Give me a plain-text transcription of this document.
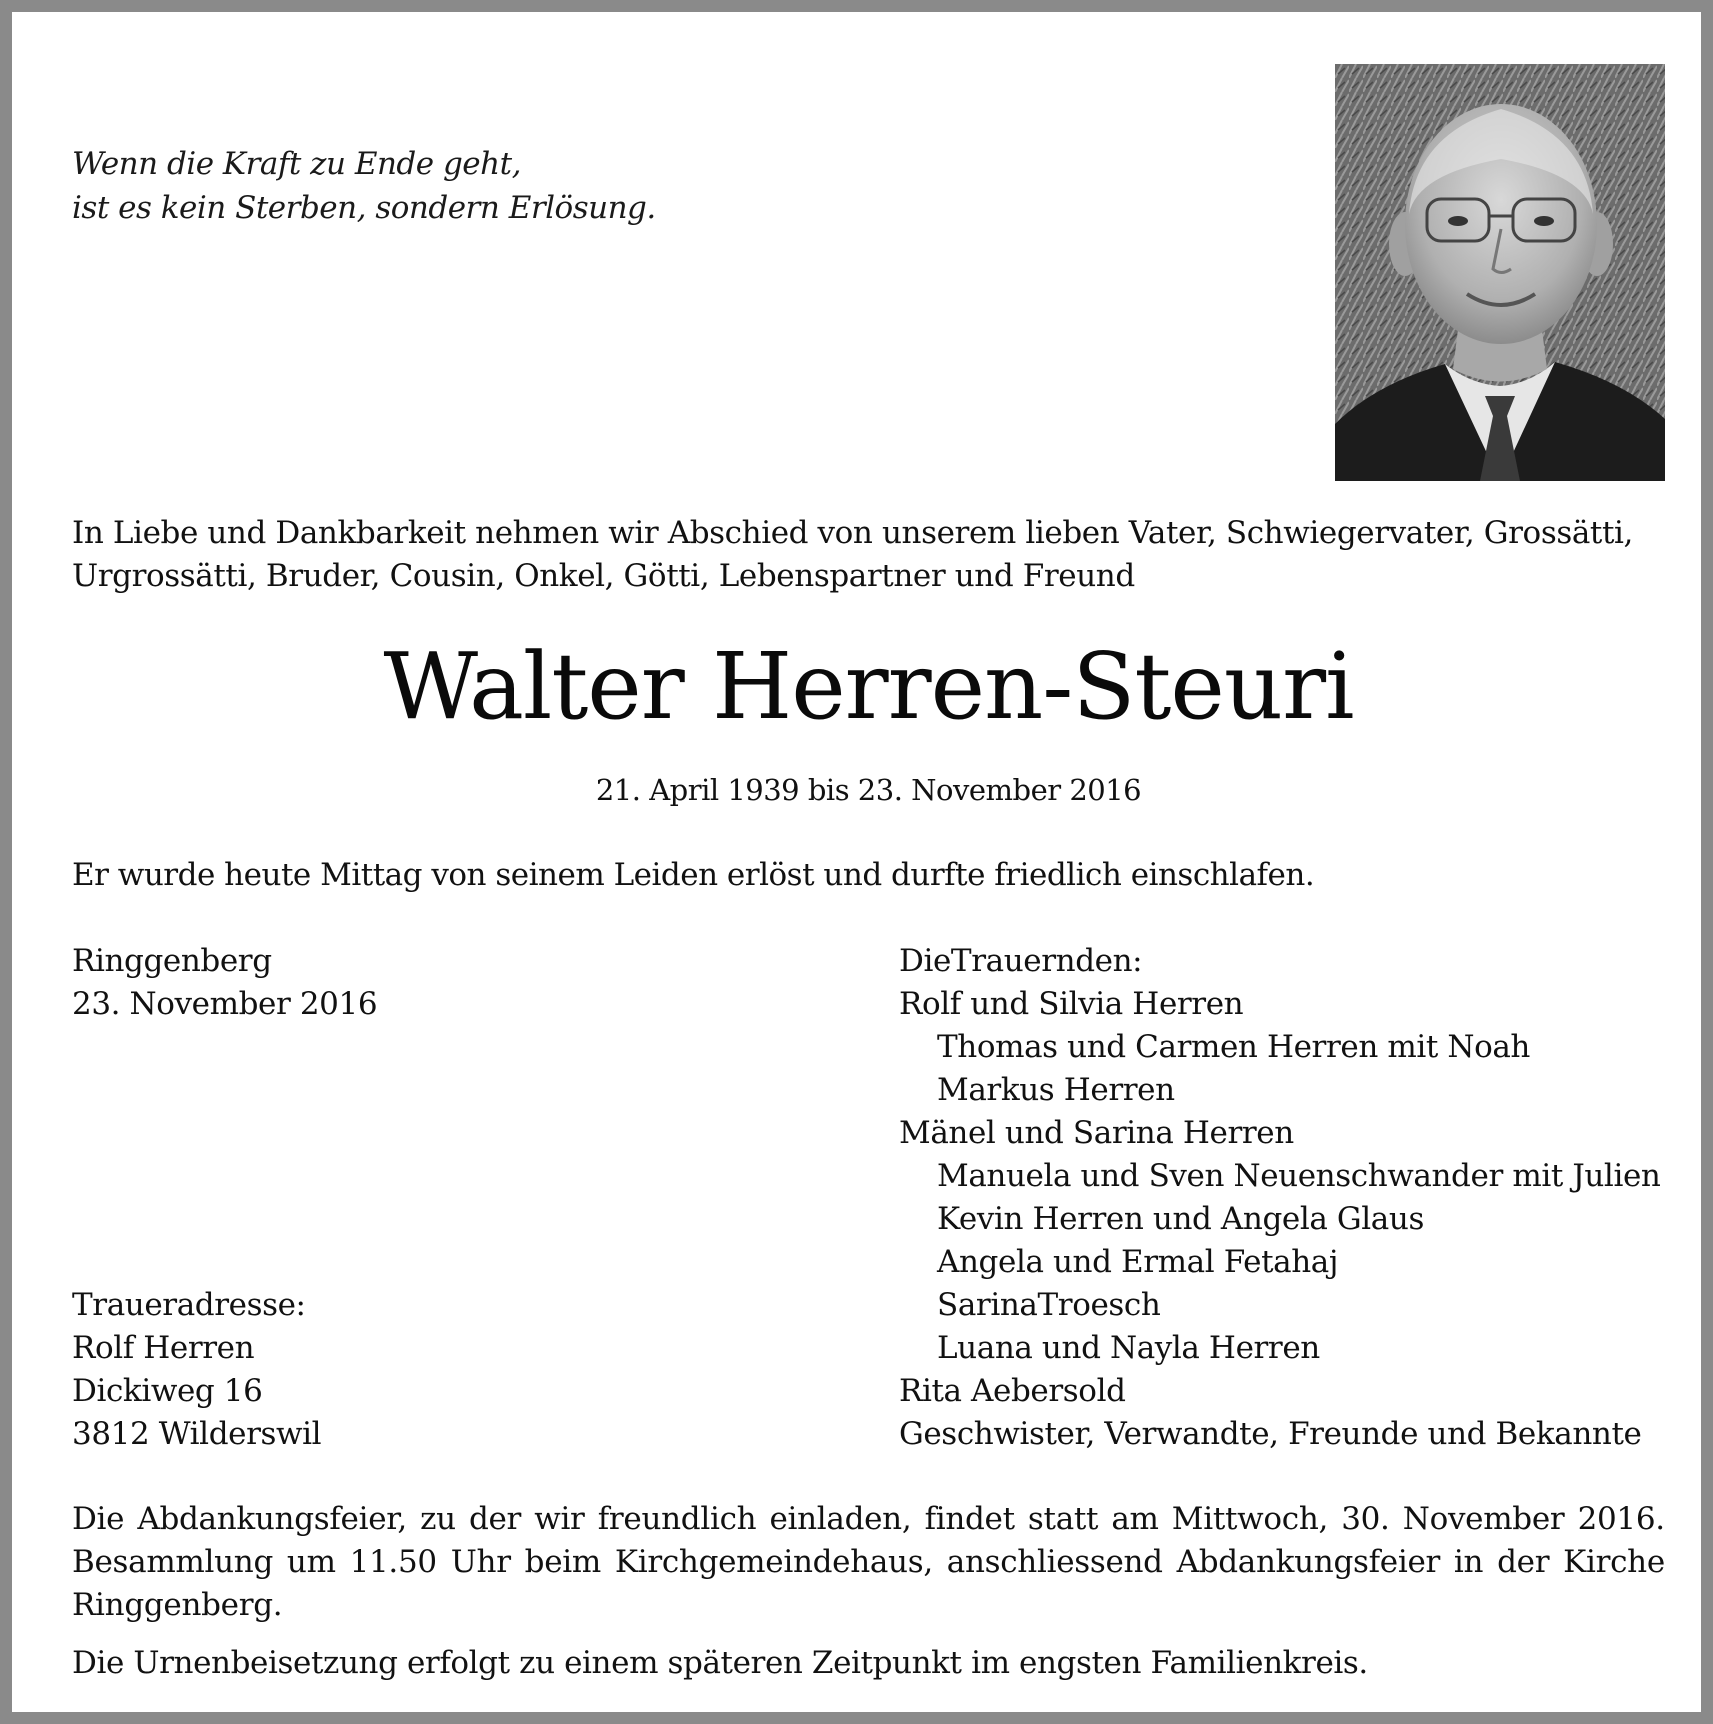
Wenn die Kraft zu Ende geht,
ist es kein Sterben, sondern Erlösung.
In Liebe und Dankbarkeit nehmen wir Abschied von unserem lieben Vater, Schwiegervater, Grossätti,
Urgrossätti, Bruder, Cousin, Onkel, Götti, Lebenspartner und Freund
Walter Herren-Steuri
21. April 1939 bis 23. November 2016
Er wurde heute Mittag von seinem Leiden erlöst und durfte friedlich einschlafen.
Ringgenberg
23. November 2016
Traueradresse:
Rolf Herren
Dickiweg 16
3812 Wilderswil
DieTrauernden:
Rolf und Silvia Herren
Thomas und Carmen Herren mit Noah
Markus Herren
Mänel und Sarina Herren
Manuela und Sven Neuenschwander mit Julien
Kevin Herren und Angela Glaus
Angela und Ermal Fetahaj
SarinaTroesch
Luana und Nayla Herren
Rita Aebersold
Geschwister, Verwandte, Freunde und Bekannte
Die Abdankungsfeier, zu der wir freundlich einladen, findet statt am Mittwoch, 30. November 2016.
Besammlung um 11.50 Uhr beim Kirchgemeindehaus, anschliessend Abdankungsfeier in der Kirche
Ringgenberg.
Die Urnenbeisetzung erfolgt zu einem späteren Zeitpunkt im engsten Familienkreis.
